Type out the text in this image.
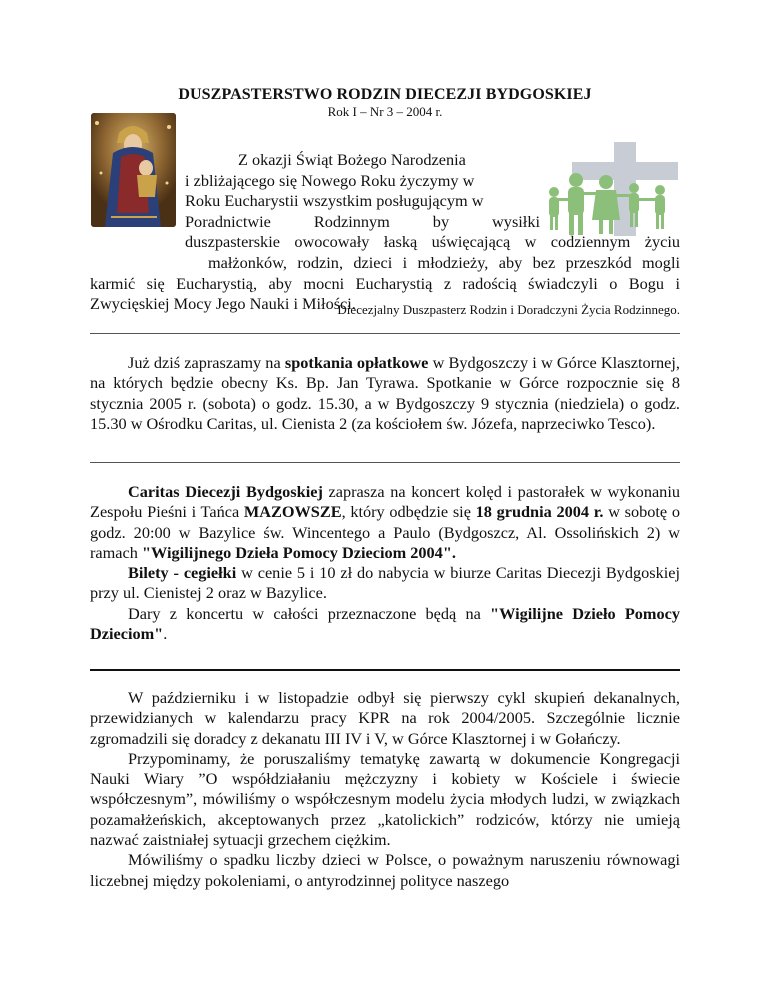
DUSZPASTERSTWO RODZIN DIECEZJI BYDGOSKIEJ
Rok I – Nr 3 – 2004 r.
Z okazji Świąt Bożego Narodzenia
i zbliżającego się Nowego Roku życzymy w
Roku Eucharystii wszystkim posługującym w
Poradnictwie Rodzinnym by wysiłki
duszpasterskie owocowały łaską uświęcającą w codziennym życiu
małżonków, rodzin, dzieci i młodzieży, aby bez przeszkód mogli
karmić się Eucharystią, aby mocni Eucharystią z radością świadczyli o Bogu i
Zwycięskiej Mocy Jego Nauki i Miłości.
Diecezjalny Duszpasterz Rodzin i Doradczyni Życia Rodzinnego.

Już dziś zapraszamy na spotkania opłatkowe w Bydgoszczy i w Górce Klasztornej, na których będzie obecny Ks. Bp. Jan Tyrawa. Spotkanie w Górce rozpocznie się 8 stycznia 2005 r. (sobota) o godz. 15.30, a w Bydgoszczy 9 stycznia (niedziela) o godz. 15.30 w Ośrodku Caritas, ul. Cienista 2 (za kościołem św. Józefa, naprzeciwko Tesco).

Caritas Diecezji Bydgoskiej zaprasza na koncert kolęd i pastorałek w wykonaniu Zespołu Pieśni i Tańca MAZOWSZE, który odbędzie się 18 grudnia 2004 r. w sobotę o godz. 20:00 w Bazylice św. Wincentego a Paulo (Bydgoszcz, Al. Ossolińskich 2) w ramach "Wigilijnego Dzieła Pomocy Dzieciom 2004".

Bilety - cegiełki w cenie 5 i 10 zł do nabycia w biurze Caritas Diecezji Bydgoskiej przy ul. Cienistej 2 oraz w Bazylice.

Dary z koncertu w całości przeznaczone będą na "Wigilijne Dzieło Pomocy Dzieciom".

W październiku i w listopadzie odbył się pierwszy cykl skupień dekanalnych, przewidzianych w kalendarzu pracy KPR na rok 2004/2005. Szczególnie licznie zgromadzili się doradcy z dekanatu III IV i V, w Górce Klasztornej i w Gołańczy.

Przypominamy, że poruszaliśmy tematykę zawartą w dokumencie Kongregacji Nauki Wiary ”O współdziałaniu mężczyzny i kobiety w Kościele i świecie współczesnym”, mówiliśmy o współczesnym modelu życia młodych ludzi, w związkach pozamałżeńskich, akceptowanych przez „katolickich” rodziców, którzy nie umieją nazwać zaistniałej sytuacji grzechem ciężkim.

Mówiliśmy o spadku liczby dzieci w Polsce, o poważnym naruszeniu równowagi liczebnej między pokoleniami, o antyrodzinnej polityce naszego
